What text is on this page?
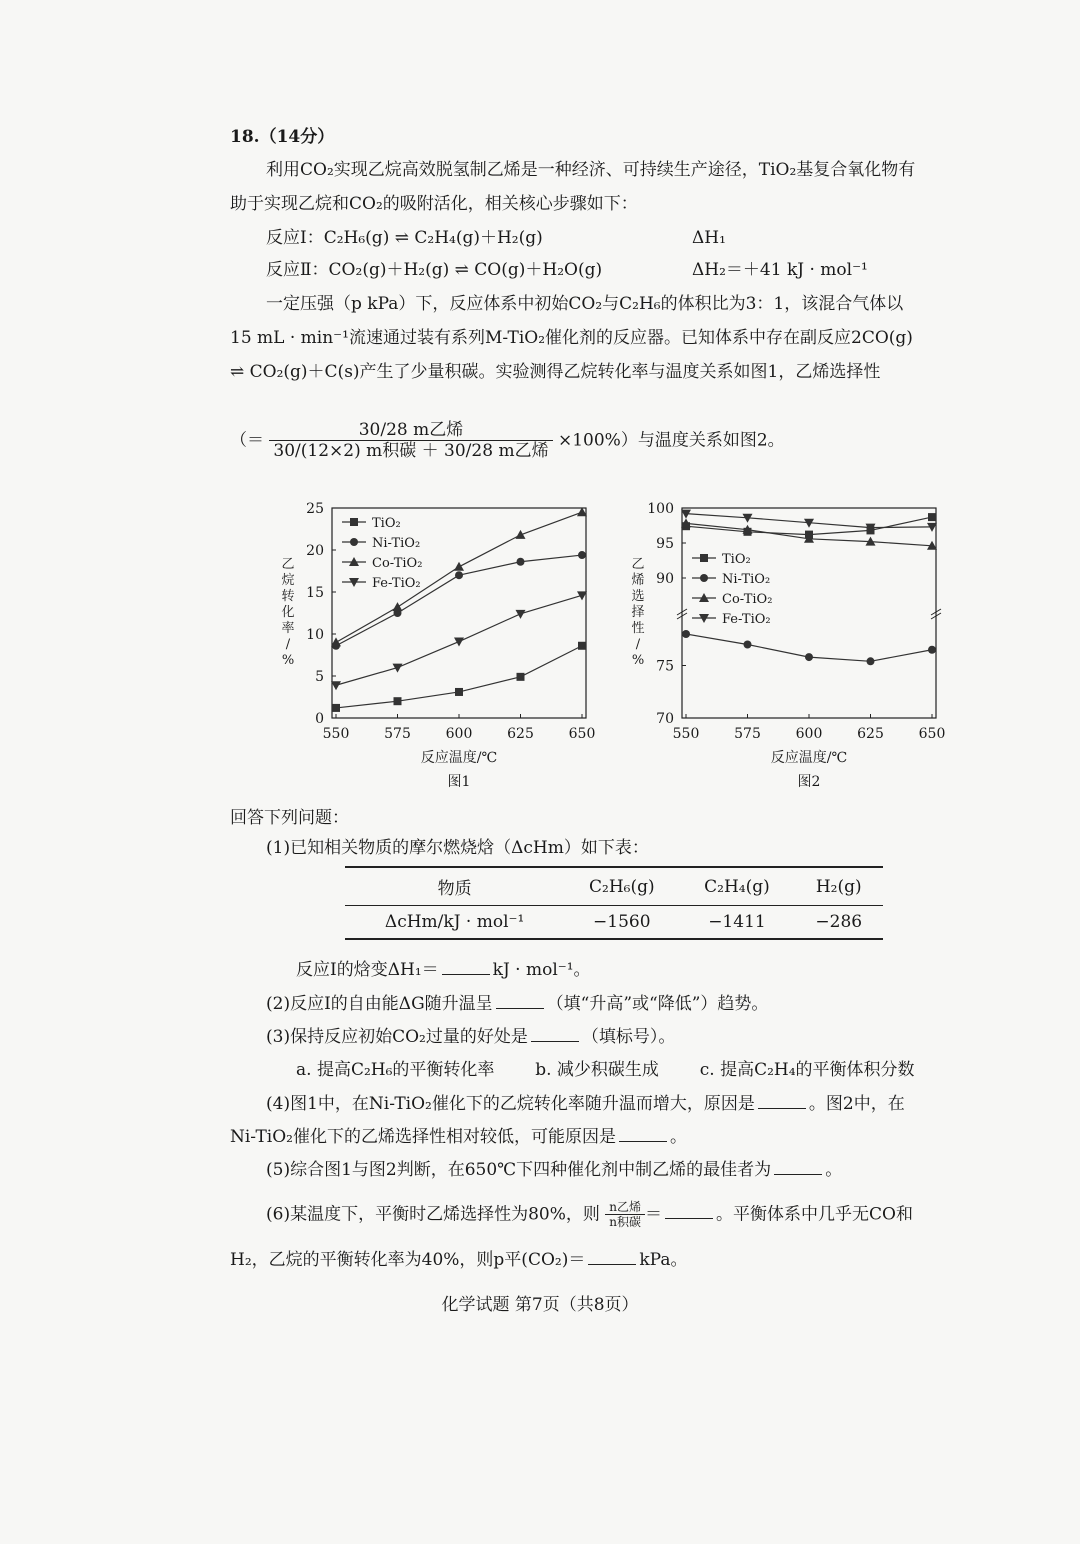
18.（14分）
利用CO₂实现乙烷高效脱氢制乙烯是一种经济、可持续生产途径，TiO₂基复合氧化物有
助于实现乙烷和CO₂的吸附活化，相关核心步骤如下：
反应Ⅰ：C₂H₆(g) ⇌ C₂H₄(g)＋H₂(g)	ΔH₁
反应Ⅱ：CO₂(g)＋H₂(g) ⇌ CO(g)＋H₂O(g)	ΔH₂＝＋41 kJ · mol⁻¹
一定压强（p kPa）下，反应体系中初始CO₂与C₂H₆的体积比为3：1，该混合气体以
15 mL · min⁻¹流速通过装有系列M-TiO₂催化剂的反应器。已知体系中存在副反应2CO(g)
⇌ CO₂(g)＋C(s)产生了少量积碳。实验测得乙烷转化率与温度关系如图1，乙烯选择性
（＝ $\frac{\text{30/28 m乙烯}}{\text{30/(12×2) m积碳 ＋ 30/28 m乙烯}} \times 100\%$）与温度关系如图2。
550 575 600 625 650
0
5
10
15
20
25
TiO₂
Ni-TiO₂
Co-TiO₂
Fe-TiO₂
乙
烷
转
化
率
/
%
反应温度/℃
图1
550 575 600 625 650
70
75
90
95
100
TiO₂
Ni-TiO₂
Co-TiO₂
Fe-TiO₂
乙
烯
选
择
性
/
%
反应温度/℃
图2
回答下列问题：
(1)已知相关物质的摩尔燃烧焓（ΔcHm）如下表：
物质	C₂H₆(g)	C₂H₄(g)	H₂(g)
ΔcHm/kJ · mol⁻¹	−1560	−1411	−286
反应Ⅰ的焓变ΔH₁＝	kJ · mol⁻¹。
(2)反应Ⅰ的自由能ΔG随升温呈	（填“升高”或“降低”）趋势。
(3)保持反应初始CO₂过量的好处是	（填标号）。
a. 提高C₂H₆的平衡转化率 b. 减少积碳生成 c. 提高C₂H₄的平衡体积分数
(4)图1中，在Ni-TiO₂催化下的乙烷转化率随升温而增大，原因是	。图2中，在
Ni-TiO₂催化下的乙烯选择性相对较低，可能原因是	。
(5)综合图1与图2判断，在650℃下四种催化剂中制乙烯的最佳者为	。
(6)某温度下，平衡时乙烯选择性为80%，则 $\frac{\text{n乙烯}}{\text{n积碳}}$ ＝	。平衡体系中几乎无CO和
H₂，乙烷的平衡转化率为40%，则p平(CO₂)＝	kPa。
化学试题 第7页（共8页）
